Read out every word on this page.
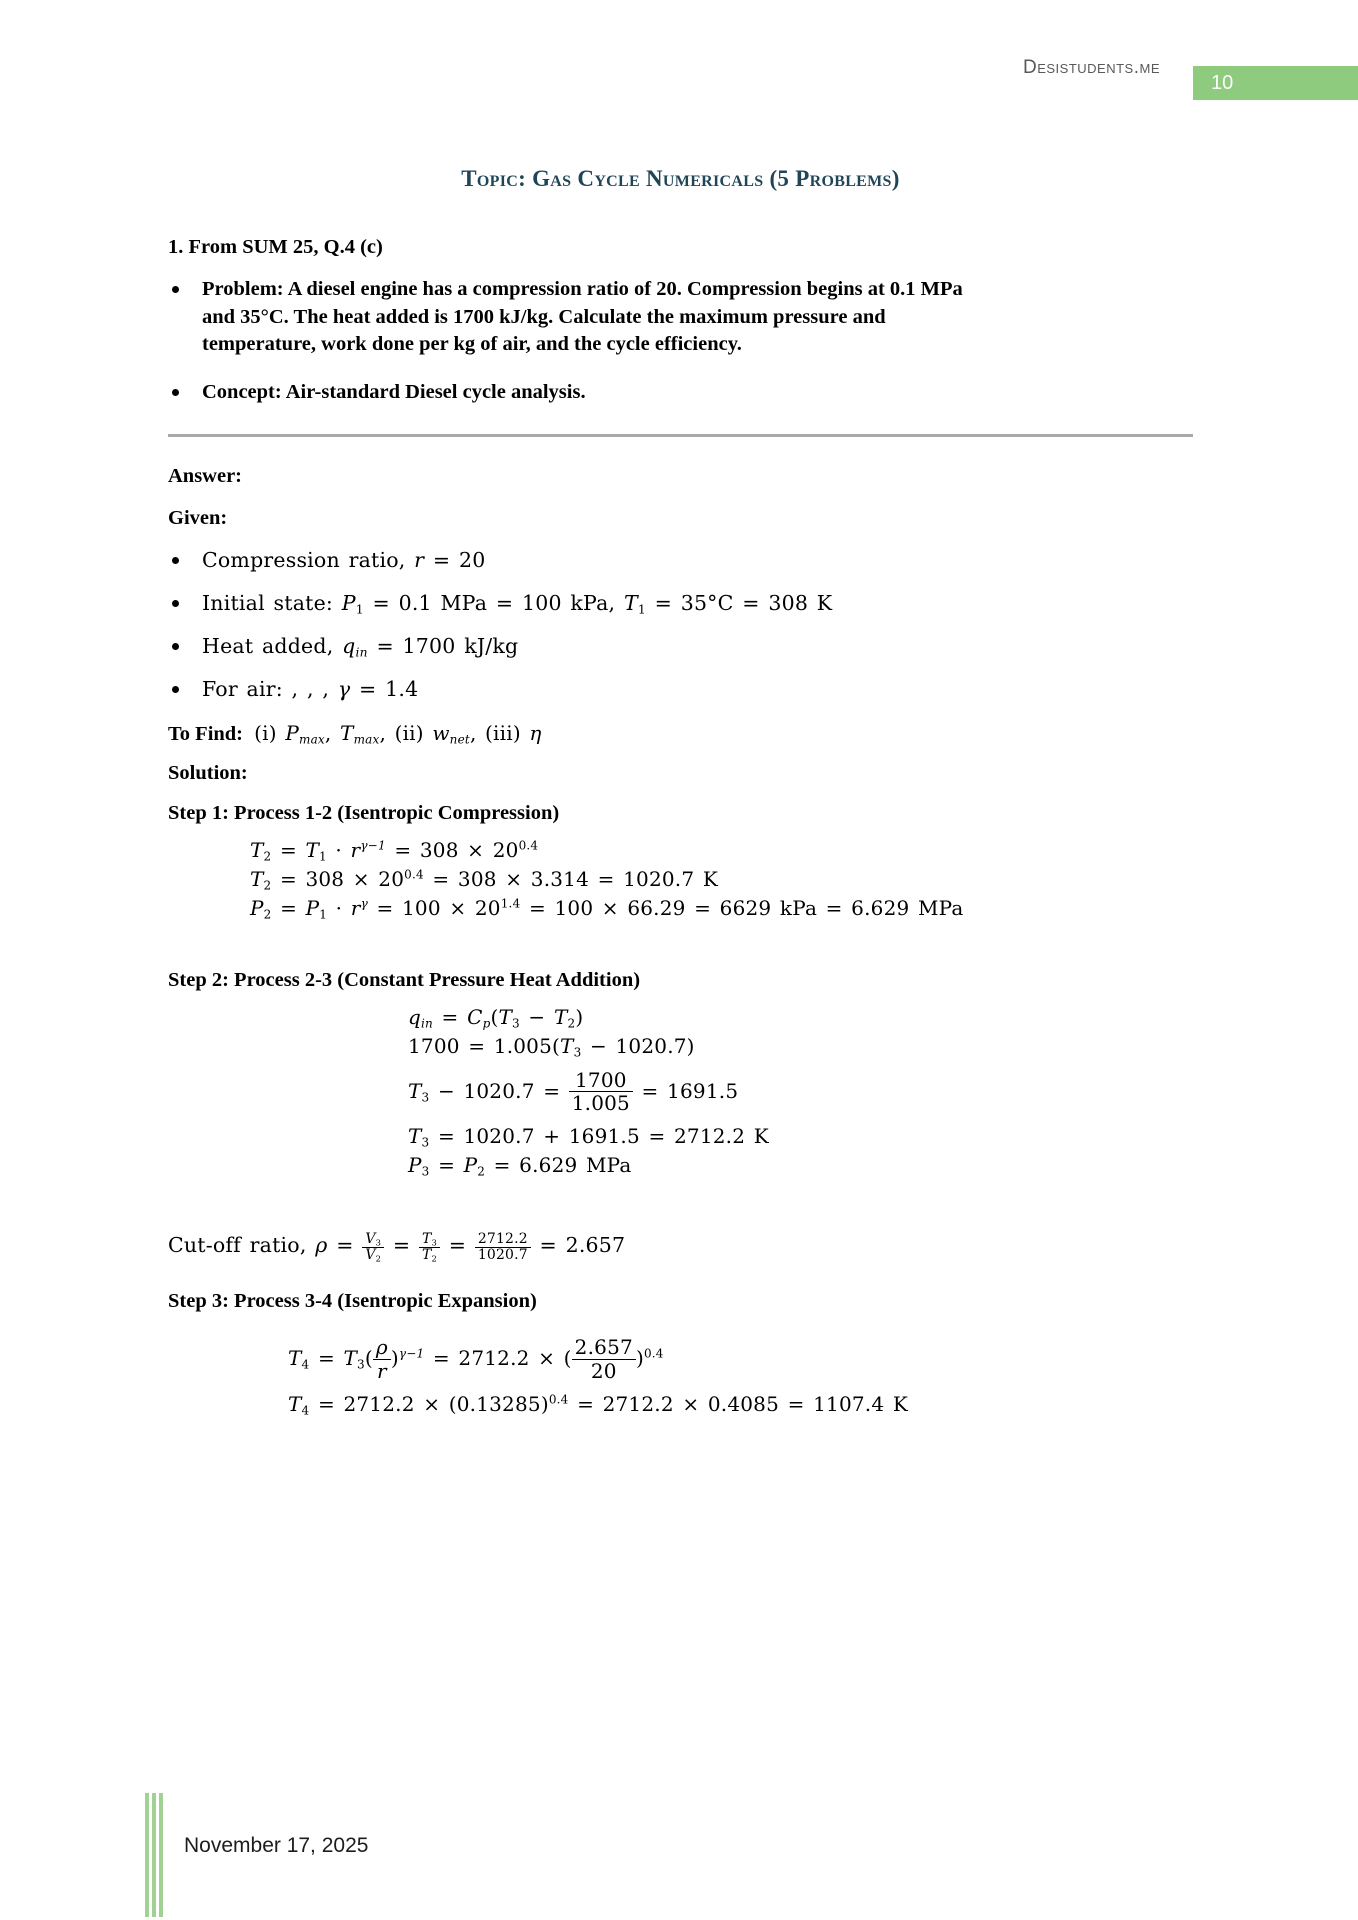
Desistudents.me
10
Topic: Gas Cycle Numericals (5 Problems)
1. From SUM 25, Q.4 (c)
Problem: A diesel engine has a compression ratio of 20. Compression begins at 0.1 MPa and 35°C. The heat added is 1700 kJ/kg. Calculate the maximum pressure and temperature, work done per kg of air, and the cycle efficiency.
Concept: Air-standard Diesel cycle analysis.
Answer:
Given:
Compression ratio, r = 20
Initial state: $P_1 = 0.1$ MPa = 100 kPa, $T_1 = 35^\circ C = 308$ K
Heat added, $q_{in} = 1700$ kJ/kg
For air: , , , γ = 1.4
To Find: (i) $P_{max}$, $T_{max}$, (ii) $w_{net}$, (iii) η
Solution:
Step 1: Process 1-2 (Isentropic Compression)
$T_2 = T_1 \cdot r^{\gamma-1} = 308 \times 20^{0.4}$
$T_2 = 308 \times 20^{0.4} = 308 \times 3.314 = 1020.7$ K
$P_2 = P_1 \cdot r^\gamma = 100 \times 20^{1.4} = 100 \times 66.29 = 6629$ kPa = 6.629 MPa
Step 2: Process 2-3 (Constant Pressure Heat Addition)
$q_{in} = C_p(T_3 - T_2)$
$1700 = 1.005(T_3 - 1020.7)$
$T_3 - 1020.7 = \frac{1700}{1.005} = 1691.5$
$T_3 = 1020.7 + 1691.5 = 2712.2$ K
$P_3 = P_2 = 6.629$ MPa
Cut-off ratio, $\rho = \frac{V_3}{V_2} = \frac{T_3}{T_2} = \frac{2712.2}{1020.7} = 2.657$
Step 3: Process 3-4 (Isentropic Expansion)
$T_4 = T_3( \frac{\rho}{r} )^{\gamma-1} = 2712.2$ × ( $\frac{2.657}{20} )^{0.4}$
$T_4 = 2712.2 \times (0.13285)^{0.4} = 2712.2 \times 0.4085 = 1107.4$ K
November 17, 2025
